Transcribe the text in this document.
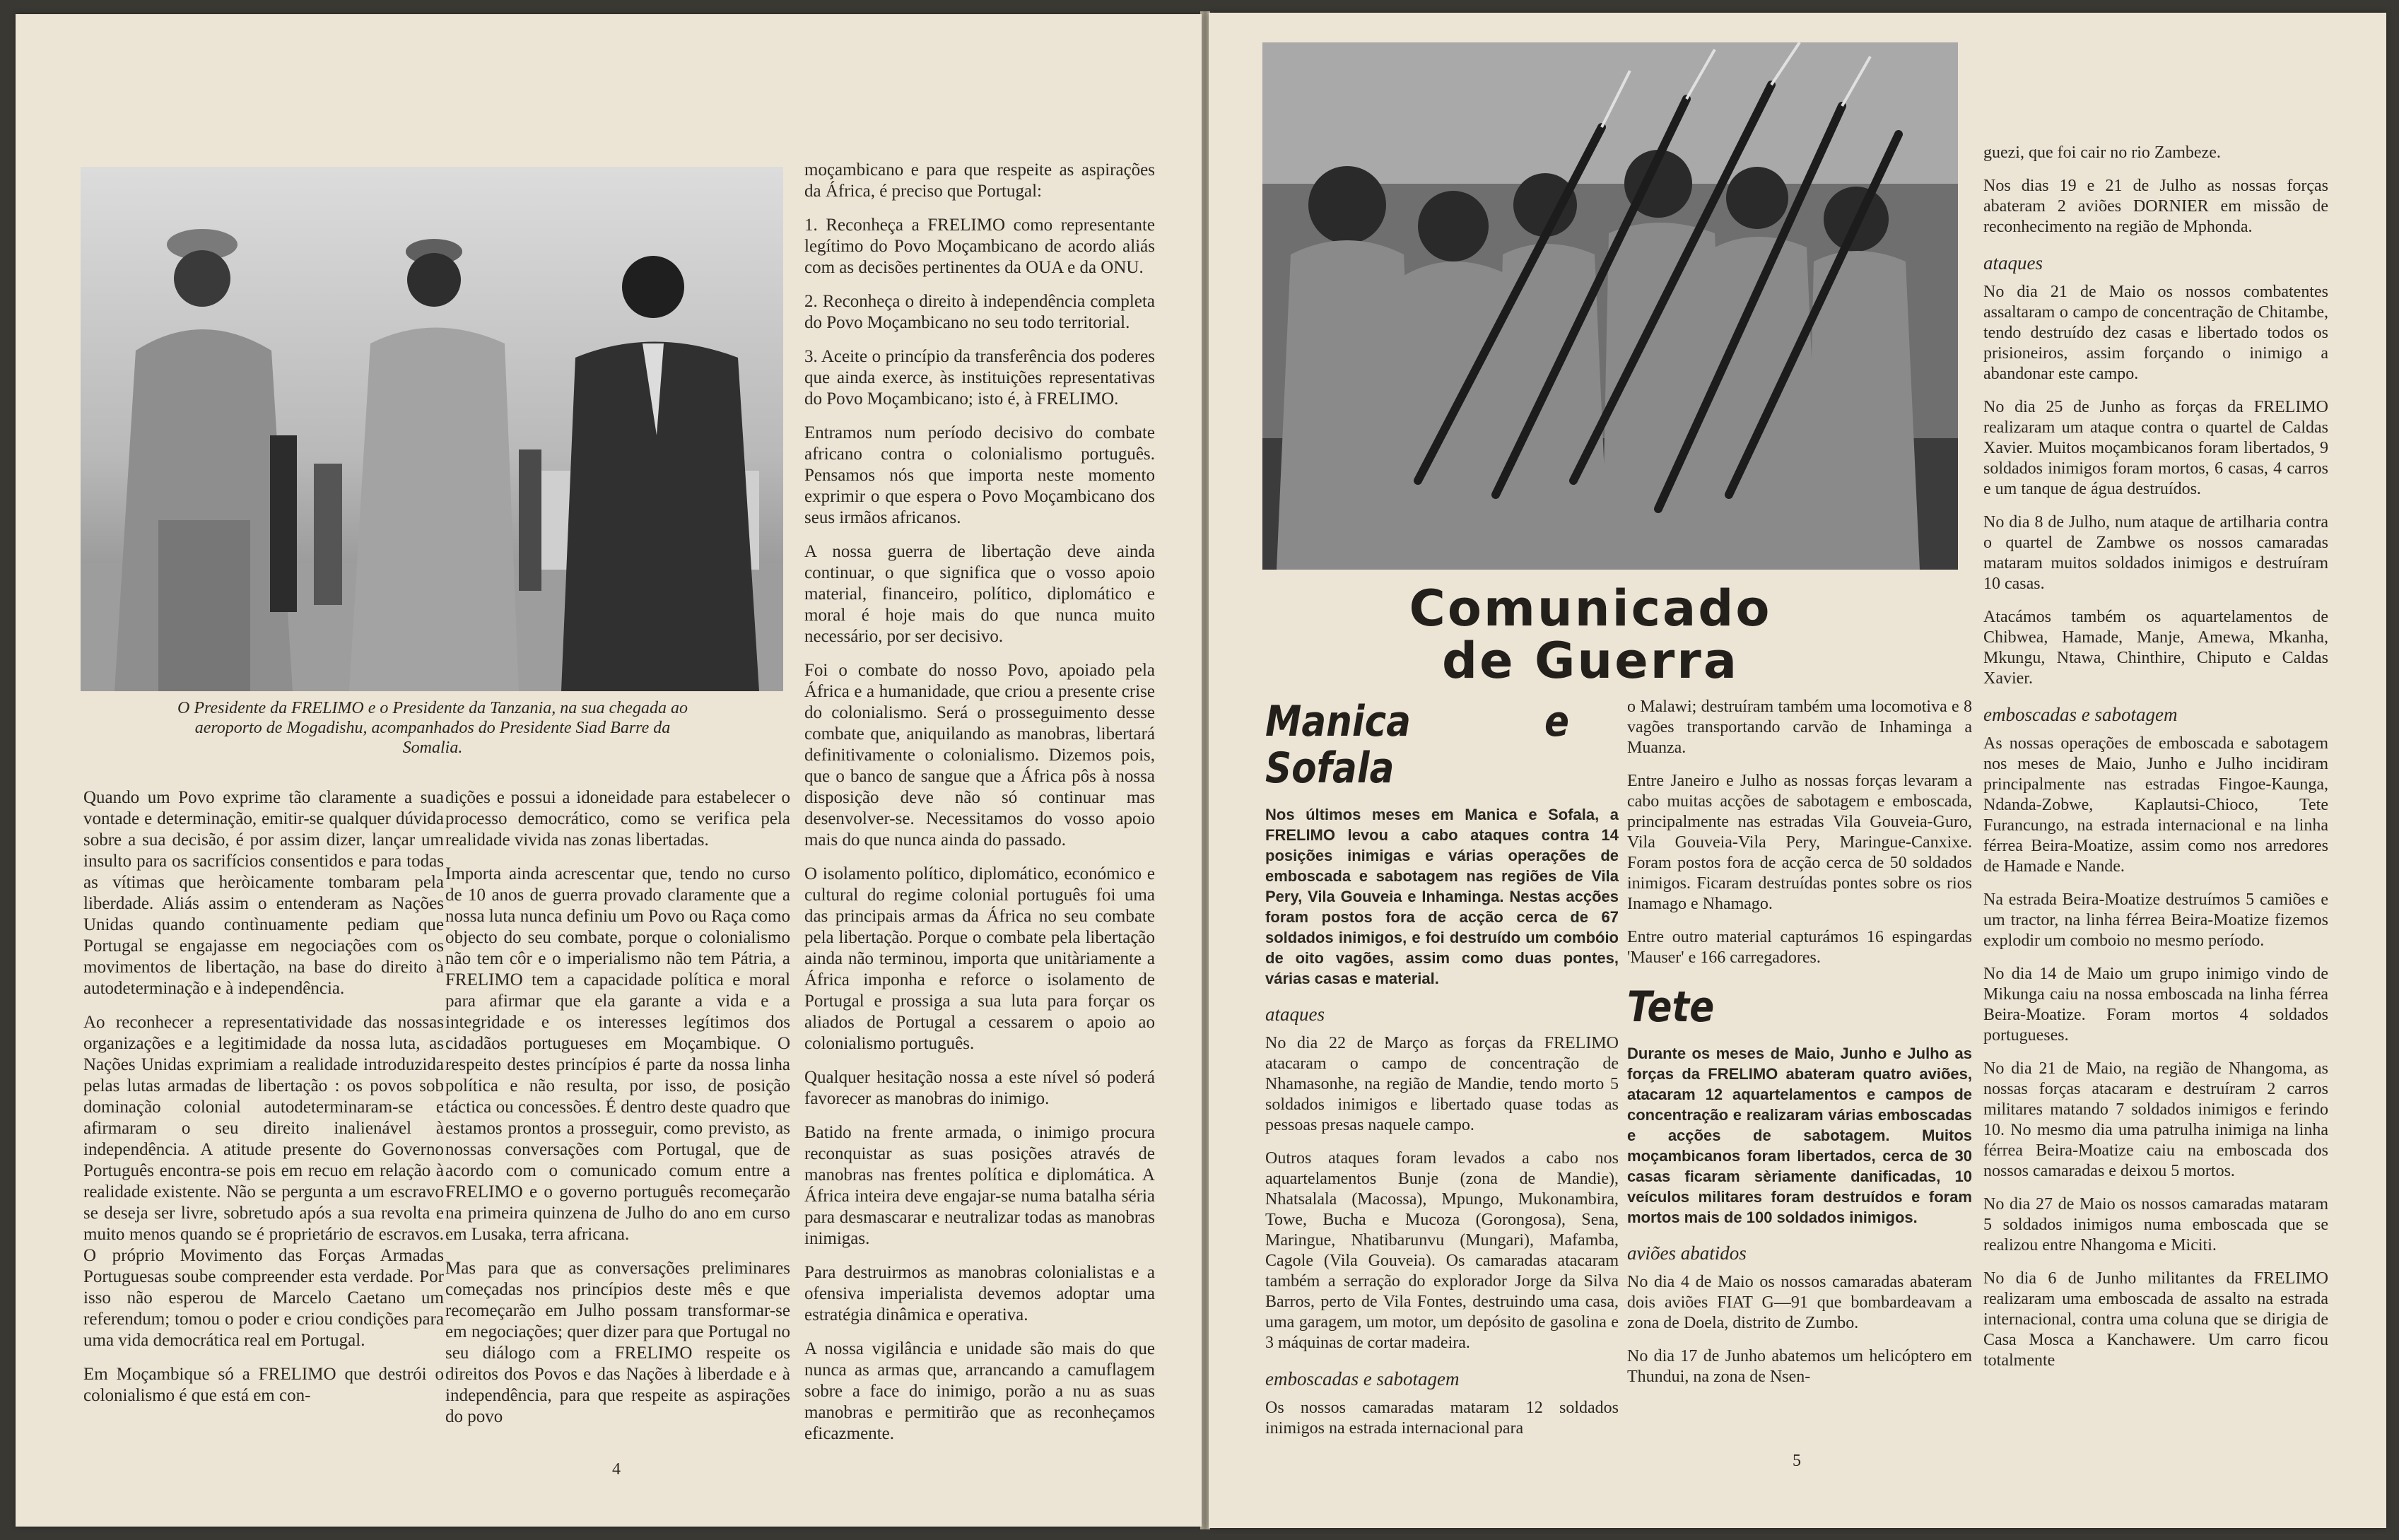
O Presidente da FRELIMO e o Presidente da Tanzania, na sua chegada ao aeroporto de Mogadishu, acompanhados do Presidente Siad Barre da Somalia.

Quando um Povo exprime tão claramente a sua vontade e determinação, emitir-se qualquer dúvida sobre a sua decisão, é por assim dizer, lançar um insulto para os sacrifícios consentidos e para todas as vítimas que heròicamente tombaram pela liberdade. Aliás assim o entenderam as Nações Unidas quando contìnuamente pediam que Portugal se engajasse em negociações com os movimentos de libertação, na base do direito à autodeterminação e à independência.

Ao reconhecer a representatividade das nossas organizações e a legitimidade da nossa luta, as Nações Unidas exprimiam a realidade introduzida pelas lutas armadas de libertação : os povos sob dominação colonial autodeterminaram-se e afirmaram o seu direito inalienável à independência. A atitude presente do Governo Português encontra-se pois em recuo em relação à realidade existente. Não se pergunta a um escravo se deseja ser livre, sobretudo após a sua revolta e muito menos quando se é proprietário de escravos. O próprio Movimento das Forças Armadas Portuguesas soube compreender esta verdade. Por isso não esperou de Marcelo Caetano um referendum; tomou o poder e criou condições para uma vida democrática real em Portugal.

Em Moçambique só a FRELIMO que destrói o colonialismo é que está em con-

dições e possui a idoneidade para estabelecer o processo democrático, como se verifica pela realidade vivida nas zonas libertadas.

Importa ainda acrescentar que, tendo no curso de 10 anos de guerra provado claramente que a nossa luta nunca definiu um Povo ou Raça como objecto do seu combate, porque o colonialismo não tem côr e o imperialismo não tem Pátria, a FRELIMO tem a capacidade política e moral para afirmar que ela garante a vida e a integridade e os interesses legítimos dos cidadãos portugueses em Moçambique. O respeito destes princípios é parte da nossa linha política e não resulta, por isso, de posição táctica ou concessões. É dentro deste quadro que estamos prontos a prosseguir, como previsto, as nossas conversações com Portugal, que de acordo com o comunicado comum entre a FRELIMO e o governo português recomeçarão na primeira quinzena de Julho do ano em curso em Lusaka, terra africana.

Mas para que as conversações preliminares começadas nos princípios deste mês e que recomeçarão em Julho possam transformar-se em negociações; quer dizer para que Portugal no seu diálogo com a FRELIMO respeite os direitos dos Povos e das Nações à liberdade e à independência, para que respeite as aspirações do povo

moçambicano e para que respeite as aspirações da África, é preciso que Portugal:

1. Reconheça a FRELIMO como representante legítimo do Povo Moçambicano de acordo aliás com as decisões pertinentes da OUA e da ONU.

2. Reconheça o direito à independência completa do Povo Moçambicano no seu todo territorial.

3. Aceite o princípio da transferência dos poderes que ainda exerce, às instituições representativas do Povo Moçambicano; isto é, à FRELIMO.

Entramos num período decisivo do combate africano contra o colonialismo português. Pensamos nós que importa neste momento exprimir o que espera o Povo Moçambicano dos seus irmãos africanos.

A nossa guerra de libertação deve ainda continuar, o que significa que o vosso apoio material, financeiro, político, diplomático e moral é hoje mais do que nunca muito necessário, por ser decisivo.

Foi o combate do nosso Povo, apoiado pela África e a humanidade, que criou a presente crise do colonialismo. Será o prosseguimento desse combate que, aniquilando as manobras, libertará definitivamente o colonialismo. Dizemos pois, que o banco de sangue que a África pôs à nossa disposição deve não só continuar mas desenvolver-se. Necessitamos do vosso apoio mais do que nunca ainda do passado.

O isolamento político, diplomático, económico e cultural do regime colonial português foi uma das principais armas da África no seu combate pela libertação. Porque o combate pela libertação ainda não terminou, importa que unitàriamente a África imponha e reforce o isolamento de Portugal e prossiga a sua luta para forçar os aliados de Portugal a cessarem o apoio ao colonialismo português.

Qualquer hesitação nossa a este nível só poderá favorecer as manobras do inimigo.

Batido na frente armada, o inimigo procura reconquistar as suas posições através de manobras nas frentes política e diplomática. A África inteira deve engajar-se numa batalha séria para desmascarar e neutralizar todas as manobras inimigas.

Para destruirmos as manobras colonialistas e a ofensiva imperialista devemos adoptar uma estratégia dinâmica e operativa.

A nossa vigilância e unidade são mais do que nunca as armas que, arrancando a camuflagem sobre a face do inimigo, porão a nu as suas manobras e permitirão que as reconheçamos eficazmente.

4
Comunicado
de Guerra
Manica e Sofala

Nos últimos meses em Manica e Sofala, a FRELIMO levou a cabo ataques contra 14 posições inimigas e várias operações de emboscada e sabotagem nas regiões de Vila Pery, Vila Gouveia e Inhaminga. Nestas acções foram postos fora de acção cerca de 67 soldados inimigos, e foi destruído um combóio de oito vagões, assim como duas pontes, várias casas e material.

ataques

No dia 22 de Março as forças da FRELIMO atacaram o campo de concentração de Nhamasonhe, na região de Mandie, tendo morto 5 soldados inimigos e libertado quase todas as pessoas presas naquele campo.

Outros ataques foram levados a cabo nos aquartelamentos Bunje (zona de Mandie), Nhatsalala (Macossa), Mpungo, Mukonambira, Towe, Bucha e Mucoza (Gorongosa), Sena, Maringue, Nhatibarunvu (Mungari), Mafamba, Cagole (Vila Gouveia). Os camaradas atacaram também a serração do explorador Jorge da Silva Barros, perto de Vila Fontes, destruindo uma casa, uma garagem, um motor, um depósito de gasolina e 3 máquinas de cortar madeira.

emboscadas e sabotagem

Os nossos camaradas mataram 12 soldados inimigos na estrada internacional para

o Malawi; destruíram também uma locomotiva e 8 vagões transportando carvão de Inhaminga a Muanza.

Entre Janeiro e Julho as nossas forças levaram a cabo muitas acções de sabotagem e emboscada, principalmente nas estradas Vila Gouveia-Guro, Vila Gouveia-Vila Pery, Maringue-Canxixe. Foram postos fora de acção cerca de 50 soldados inimigos. Ficaram destruídas pontes sobre os rios Inamago e Nhamago.

Entre outro material capturámos 16 espingardas 'Mauser' e 166 carregadores.

Tete

Durante os meses de Maio, Junho e Julho as forças da FRELIMO abateram quatro aviões, atacaram 12 aquartelamentos e campos de concentração e realizaram várias emboscadas e acções de sabotagem. Muitos moçambicanos foram libertados, cerca de 30 casas ficaram sèriamente danificadas, 10 veículos militares foram destruídos e foram mortos mais de 100 soldados inimigos.

aviões abatidos

No dia 4 de Maio os nossos camaradas abateram dois aviões FIAT G—91 que bombardeavam a zona de Doela, distrito de Zumbo.

No dia 17 de Junho abatemos um helicóptero em Thundui, na zona de Nsen-

guezi, que foi cair no rio Zambeze.

Nos dias 19 e 21 de Julho as nossas forças abateram 2 aviões DORNIER em missão de reconhecimento na região de Mphonda.

ataques

No dia 21 de Maio os nossos combatentes assaltaram o campo de concentração de Chitambe, tendo destruído dez casas e libertado todos os prisioneiros, assim forçando o inimigo a abandonar este campo.

No dia 25 de Junho as forças da FRELIMO realizaram um ataque contra o quartel de Caldas Xavier. Muitos moçambicanos foram libertados, 9 soldados inimigos foram mortos, 6 casas, 4 carros e um tanque de água destruídos.

No dia 8 de Julho, num ataque de artilharia contra o quartel de Zambwe os nossos camaradas mataram muitos soldados inimigos e destruíram 10 casas.

Atacámos também os aquartelamentos de Chibwea, Hamade, Manje, Amewa, Mkanha, Mkungu, Ntawa, Chinthire, Chiputo e Caldas Xavier.

emboscadas e sabotagem

As nossas operações de emboscada e sabotagem nos meses de Maio, Junho e Julho incidiram principalmente nas estradas Fingoe-Kaunga, Ndanda-Zobwe, Kaplautsi-Chioco, Tete Furancungo, na estrada internacional e na linha férrea Beira-Moatize, assim como nos arredores de Hamade e Nande.

Na estrada Beira-Moatize destruímos 5 camiões e um tractor, na linha férrea Beira-Moatize fizemos explodir um comboio no mesmo período.

No dia 14 de Maio um grupo inimigo vindo de Mikunga caiu na nossa emboscada na linha férrea Beira-Moatize. Foram mortos 4 soldados portugueses.

No dia 21 de Maio, na região de Nhangoma, as nossas forças atacaram e destruíram 2 carros militares matando 7 soldados inimigos e ferindo 10. No mesmo dia uma patrulha inimiga na linha férrea Beira-Moatize caiu na emboscada dos nossos camaradas e deixou 5 mortos.

No dia 27 de Maio os nossos camaradas mataram 5 soldados inimigos numa emboscada que se realizou entre Nhangoma e Miciti.

No dia 6 de Junho militantes da FRELIMO realizaram uma emboscada de assalto na estrada internacional, contra uma coluna que se dirigia de Casa Mosca a Kanchawere. Um carro ficou totalmente

5
